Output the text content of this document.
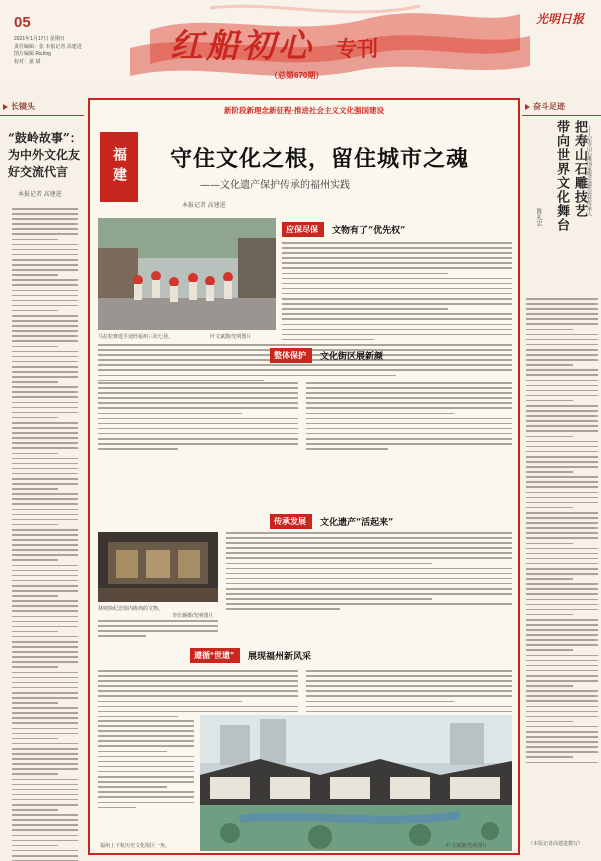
05
2021年1月17日 星期日
责任编辑：张 本报记者 高建进
图片编辑 Ra.ling
校对：晏 斌	红船初心 专刊
（总第670期）
光明日报
长镜头
“鼓岭故事”：为中外文化友好交流代言
本报记者 高建进
奋斗足迹
把寿山石雕技艺
带向世界文化舞台	——记寿山石雕国家级非遗代表性传承人
陈礼忠
（本版记者高建进撰写）
新阶段新理念新征程·推进社会主义文化强国建设
福建	守住文化之根，留住城市之魂
——文化遗产保护传承的福州实践
本报记者 高建进
马拉松赛选手途经福州三坊七巷。	叶文斌摄/光明图片
应保尽保	文物有了“优先权”
整体保护	文化街区展新颜
传承发展	文化遗产“活起来”
林则徐纪念馆内陈列的文物。
李仕臻摄/光明图片
遵循“世遗”	展现福州新风采
福州上下杭历史文化街区一角。	叶文斌摄/光明图片
